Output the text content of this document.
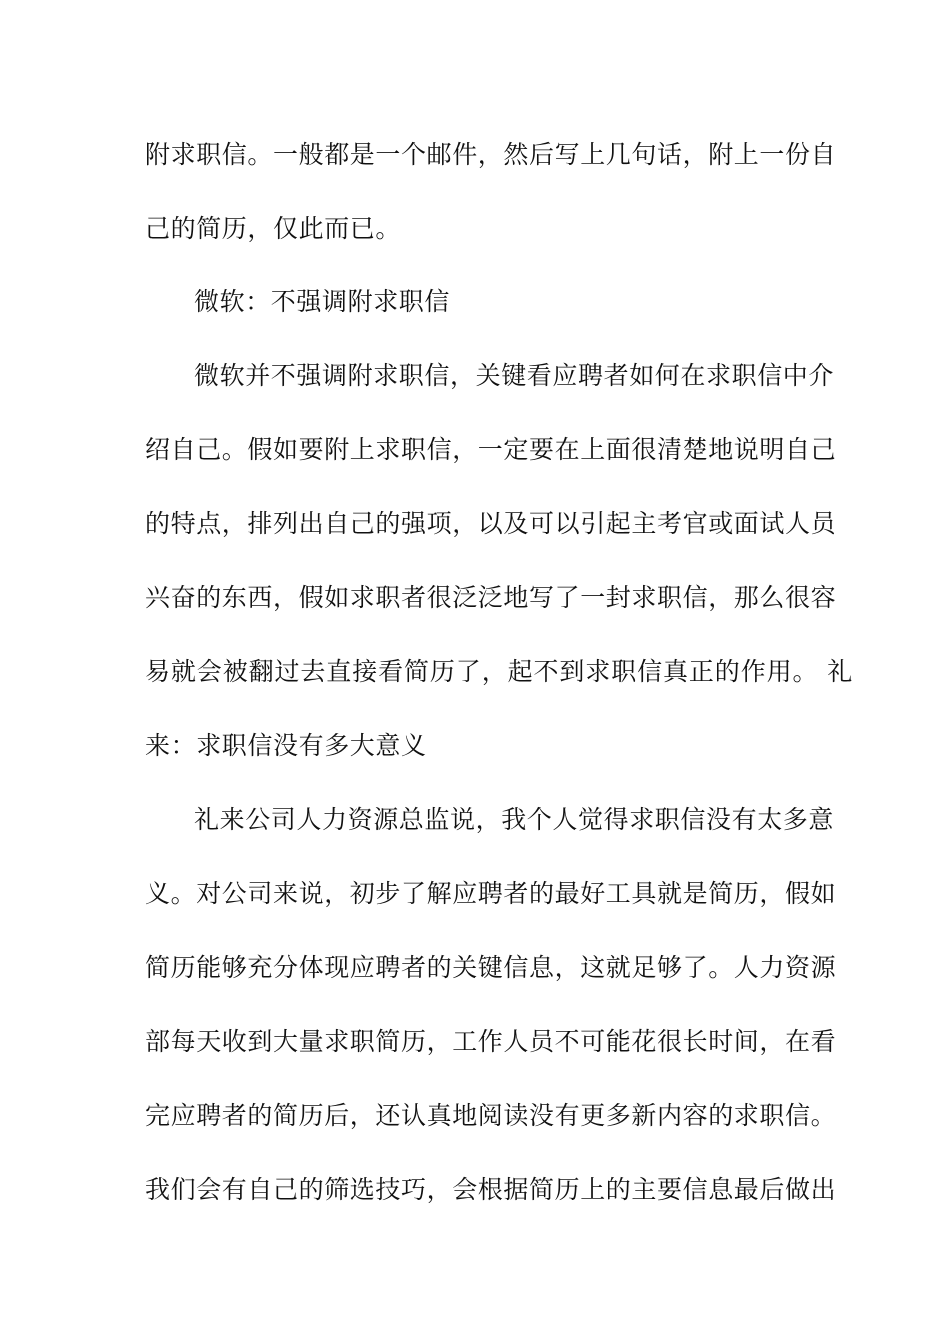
附求职信。一般都是一个邮件，然后写上几句话，附上一份自
己的简历，仅此而已。
微软：不强调附求职信
微软并不强调附求职信，关键看应聘者如何在求职信中介
绍自己。假如要附上求职信，一定要在上面很清楚地说明自己
的特点，排列出自己的强项，以及可以引起主考官或面试人员
兴奋的东西，假如求职者很泛泛地写了一封求职信，那么很容
易就会被翻过去直接看简历了，起不到求职信真正的作用。 礼
来：求职信没有多大意义
礼来公司人力资源总监说，我个人觉得求职信没有太多意
义。对公司来说，初步了解应聘者的最好工具就是简历，假如
简历能够充分体现应聘者的关键信息，这就足够了。人力资源
部每天收到大量求职简历，工作人员不可能花很长时间，在看
完应聘者的简历后，还认真地阅读没有更多新内容的求职信。
我们会有自己的筛选技巧，会根据简历上的主要信息最后做出
